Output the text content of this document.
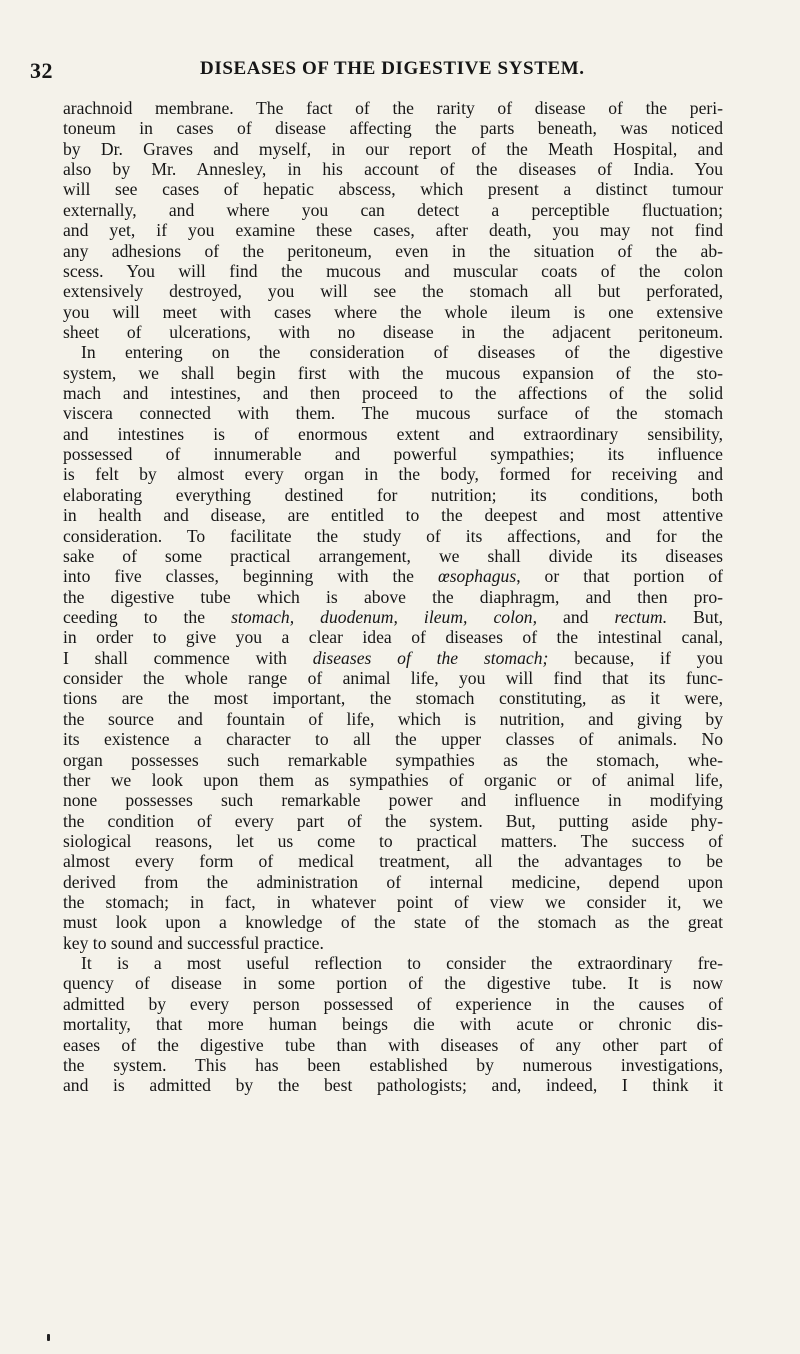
32	DISEASES OF THE DIGESTIVE SYSTEM.
arachnoid membrane. The fact of the rarity of disease of the peri-
toneum in cases of disease affecting the parts beneath, was noticed
by Dr. Graves and myself, in our report of the Meath Hospital, and
also by Mr. Annesley, in his account of the diseases of India. You
will see cases of hepatic abscess, which present a distinct tumour
externally, and where you can detect a perceptible fluctuation;
and yet, if you examine these cases, after death, you may not find
any adhesions of the peritoneum, even in the situation of the ab-
scess. You will find the mucous and muscular coats of the colon
extensively destroyed, you will see the stomach all but perforated,
you will meet with cases where the whole ileum is one extensive
sheet of ulcerations, with no disease in the adjacent peritoneum.
In entering on the consideration of diseases of the digestive
system, we shall begin first with the mucous expansion of the sto-
mach and intestines, and then proceed to the affections of the solid
viscera connected with them. The mucous surface of the stomach
and intestines is of enormous extent and extraordinary sensibility,
possessed of innumerable and powerful sympathies; its influence
is felt by almost every organ in the body, formed for receiving and
elaborating everything destined for nutrition; its conditions, both
in health and disease, are entitled to the deepest and most attentive
consideration. To facilitate the study of its affections, and for the
sake of some practical arrangement, we shall divide its diseases
into five classes, beginning with the œsophagus, or that portion of
the digestive tube which is above the diaphragm, and then pro-
ceeding to the stomach, duodenum, ileum, colon, and rectum. But,
in order to give you a clear idea of diseases of the intestinal canal,
I shall commence with diseases of the stomach; because, if you
consider the whole range of animal life, you will find that its func-
tions are the most important, the stomach constituting, as it were,
the source and fountain of life, which is nutrition, and giving by
its existence a character to all the upper classes of animals. No
organ possesses such remarkable sympathies as the stomach, whe-
ther we look upon them as sympathies of organic or of animal life,
none possesses such remarkable power and influence in modifying
the condition of every part of the system. But, putting aside phy-
siological reasons, let us come to practical matters. The success of
almost every form of medical treatment, all the advantages to be
derived from the administration of internal medicine, depend upon
the stomach; in fact, in whatever point of view we consider it, we
must look upon a knowledge of the state of the stomach as the great
key to sound and successful practice.
It is a most useful reflection to consider the extraordinary fre-
quency of disease in some portion of the digestive tube. It is now
admitted by every person possessed of experience in the causes of
mortality, that more human beings die with acute or chronic dis-
eases of the digestive tube than with diseases of any other part of
the system. This has been established by numerous investigations,
and is admitted by the best pathologists; and, indeed, I think it
